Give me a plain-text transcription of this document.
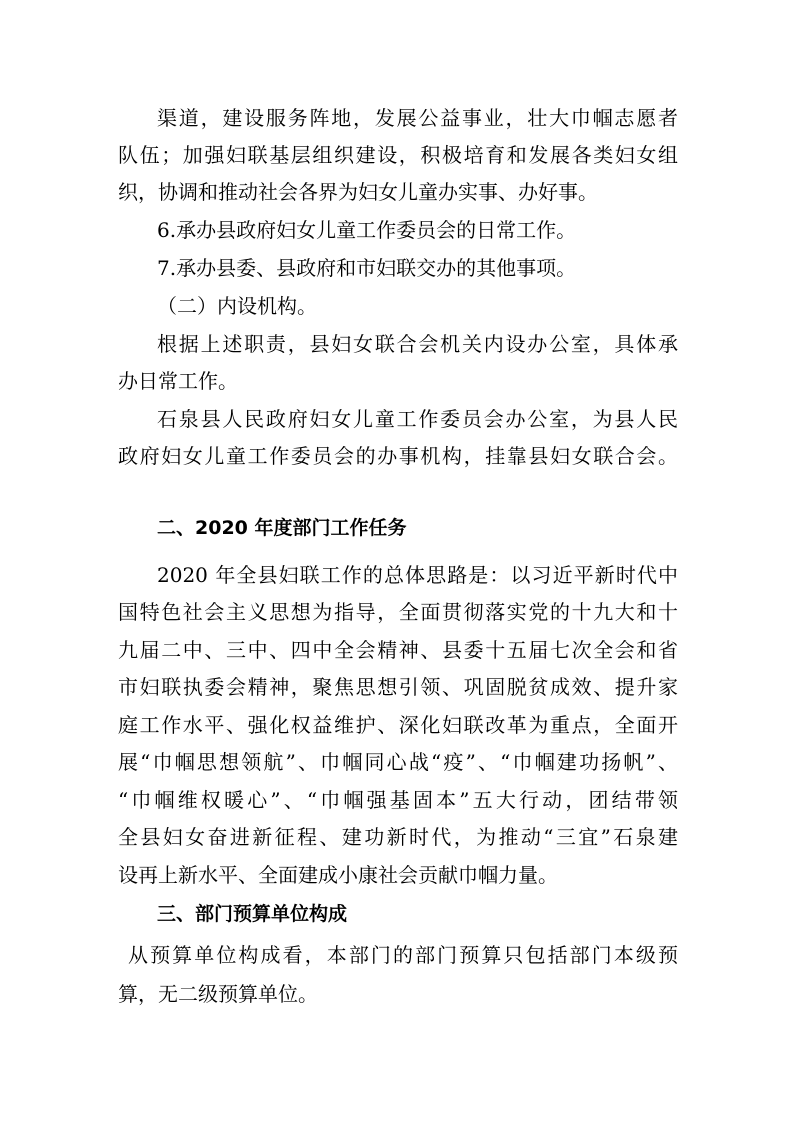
渠道，建设服务阵地，发展公益事业，壮大巾帼志愿者
队伍；加强妇联基层组织建设，积极培育和发展各类妇女组
织，协调和推动社会各界为妇女儿童办实事、办好事。
6.承办县政府妇女儿童工作委员会的日常工作。
7.承办县委、县政府和市妇联交办的其他事项。
（二）内设机构。
根据上述职责，县妇女联合会机关内设办公室，具体承
办日常工作。
石泉县人民政府妇女儿童工作委员会办公室，为县人民
政府妇女儿童工作委员会的办事机构，挂靠县妇女联合会。
二、2020 年度部门工作任务
2020 年全县妇联工作的总体思路是：以习近平新时代中
国特色社会主义思想为指导，全面贯彻落实党的十九大和十
九届二中、三中、四中全会精神、县委十五届七次全会和省
市妇联执委会精神，聚焦思想引领、巩固脱贫成效、提升家
庭工作水平、强化权益维护、深化妇联改革为重点，全面开
展“巾帼思想领航”、巾帼同心战“疫”、“巾帼建功扬帆”、
“巾帼维权暖心”、“巾帼强基固本”五大行动，团结带领
全县妇女奋进新征程、建功新时代，为推动“三宜”石泉建
设再上新水平、全面建成小康社会贡献巾帼力量。
三、部门预算单位构成
从预算单位构成看，本部门的部门预算只包括部门本级预
算，无二级预算单位。
